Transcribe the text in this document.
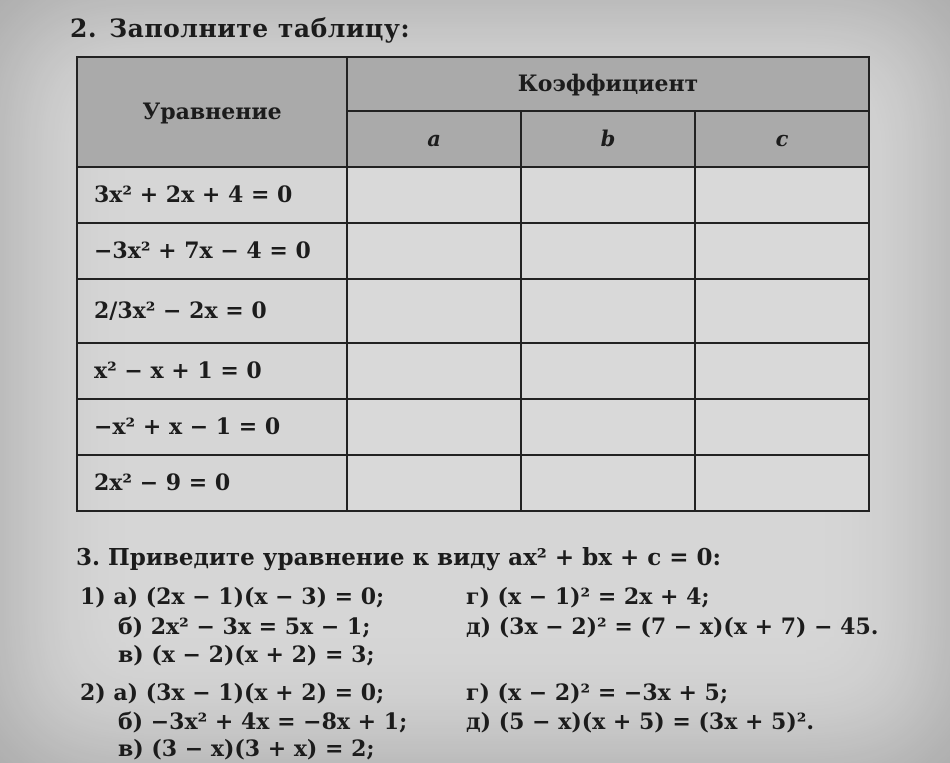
2. Заполните таблицу:
Уравнение	Коэффициент		
	a	b	c
3x² + 2x + 4 = 0			
−3x² + 7x − 4 = 0			
2/3x² − 2x = 0			
x² − x + 1 = 0			
−x² + x − 1 = 0			
2x² − 9 = 0			
3. Приведите уравнение к виду ax² + bx + c = 0:
1) а) (2x − 1)(x − 3) = 0;	г) (x − 1)² = 2x + 4;
б) 2x² − 3x = 5x − 1;	д) (3x − 2)² = (7 − x)(x + 7) − 45.
в) (x − 2)(x + 2) = 3;
2) а) (3x − 1)(x + 2) = 0;	г) (x − 2)² = −3x + 5;
б) −3x² + 4x = −8x + 1;	д) (5 − x)(x + 5) = (3x + 5)².
в) (3 − x)(3 + x) = 2;
